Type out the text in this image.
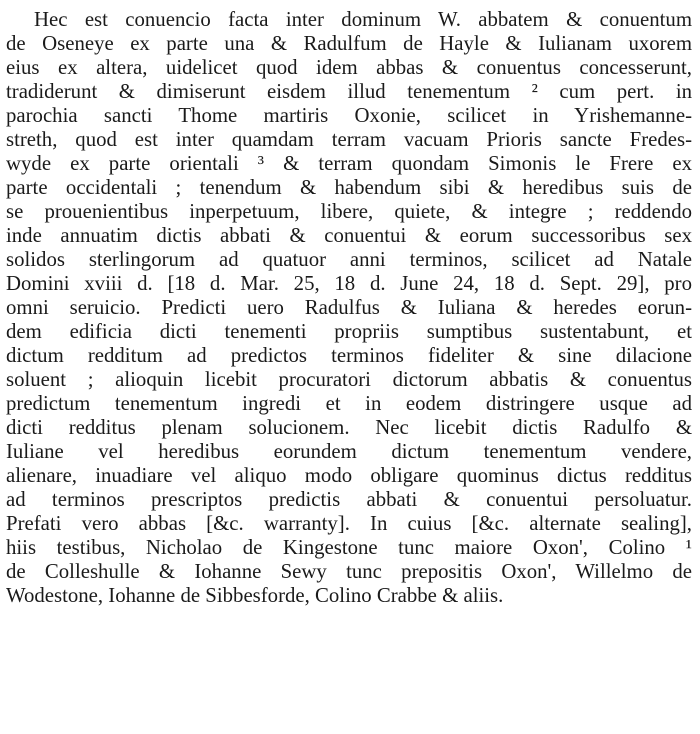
Hec est conuencio facta inter dominum W. abbatem & conuentum
de Oseneye ex parte una & Radulfum de Hayle & Iulianam uxorem
eius ex altera, uidelicet quod idem abbas & conuentus concesserunt,
tradiderunt & dimiserunt eisdem illud tenementum ² cum pert. in
parochia sancti Thome martiris Oxonie, scilicet in Yrishemanne-
streth, quod est inter quamdam terram vacuam Prioris sancte Fredes-
wyde ex parte orientali ³ & terram quondam Simonis le Frere ex
parte occidentali ; tenendum & habendum sibi & heredibus suis de
se prouenientibus inperpetuum, libere, quiete, & integre ; reddendo
inde annuatim dictis abbati & conuentui & eorum successoribus sex
solidos sterlingorum ad quatuor anni terminos, scilicet ad Natale
Domini xviii d. [18 d. Mar. 25, 18 d. June 24, 18 d. Sept. 29], pro
omni seruicio. Predicti uero Radulfus & Iuliana & heredes eorun-
dem edificia dicti tenementi propriis sumptibus sustentabunt, et
dictum redditum ad predictos terminos fideliter & sine dilacione
soluent ; alioquin licebit procuratori dictorum abbatis & conuentus
predictum tenementum ingredi et in eodem distringere usque ad
dicti redditus plenam solucionem. Nec licebit dictis Radulfo &
Iuliane vel heredibus eorundem dictum tenementum vendere,
alienare, inuadiare vel aliquo modo obligare quominus dictus redditus
ad terminos prescriptos predictis abbati & conuentui persoluatur.
Prefati vero abbas [&c. warranty]. In cuius [&c. alternate sealing],
hiis testibus, Nicholao de Kingestone tunc maiore Oxon', Colino ¹
de Colleshulle & Iohanne Sewy tunc prepositis Oxon', Willelmo de
Wodestone, Iohanne de Sibbesforde, Colino Crabbe & aliis.
